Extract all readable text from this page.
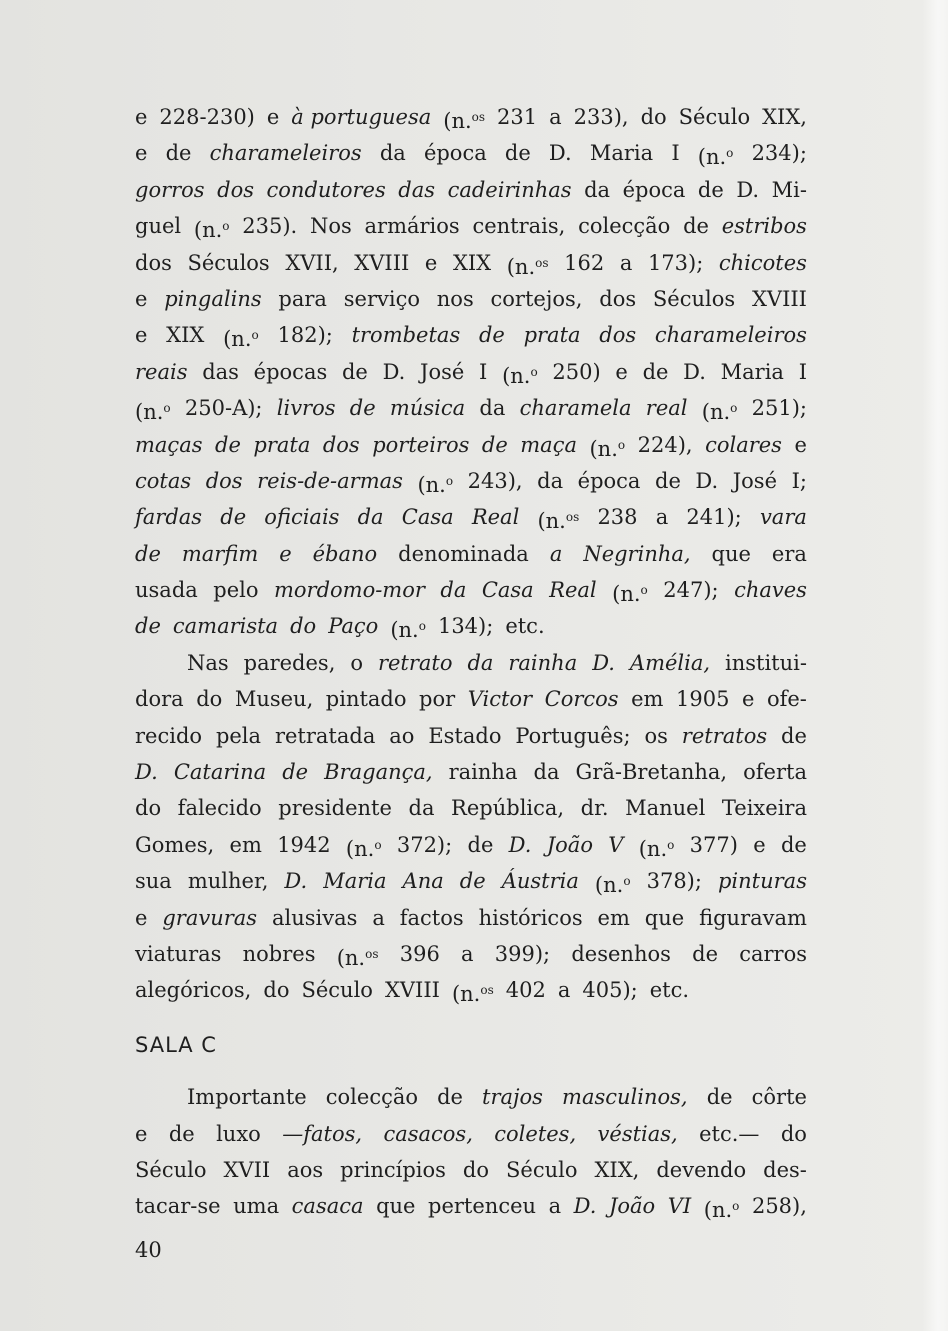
e 228-230) e à portuguesa (n.$^{os}$ 231 a 233), do Século XIX,
e de charameleiros da época de D. Maria I (n.$^o$ 234);
gorros dos condutores das cadeirinhas da época de D. Mi-
guel (n.$^o$ 235). Nos armários centrais, colecção de estribos
dos Séculos XVII, XVIII e XIX (n.$^{os}$ 162 a 173); chicotes
e pingalins para serviço nos cortejos, dos Séculos XVIII
e XIX (n.$^o$ 182); trombetas de prata dos charameleiros
reais das épocas de D. José I (n.$^o$ 250) e de D. Maria I
(n.$^o$ 250-A); livros de música da charamela real (n.$^o$ 251);
maças de prata dos porteiros de maça (n.$^o$ 224), colares e
cotas dos reis-de-armas (n.$^o$ 243), da época de D. José I;
fardas de oficiais da Casa Real (n.$^{os}$ 238 a 241); vara
de marfim e ébano denominada a Negrinha, que era
usada pelo mordomo-mor da Casa Real (n.$^o$ 247); chaves
de camarista do Paço (n.$^o$ 134); etc.
Nas paredes, o retrato da rainha D. Amélia, institui-
dora do Museu, pintado por Victor Corcos em 1905 e ofe-
recido pela retratada ao Estado Português; os retratos de
D. Catarina de Bragança, rainha da Grã-Bretanha, oferta
do falecido presidente da República, dr. Manuel Teixeira
Gomes, em 1942 (n.$^o$ 372); de D. João V (n.$^o$ 377) e de
sua mulher, D. Maria Ana de Áustria (n.$^o$ 378); pinturas
e gravuras alusivas a factos históricos em que figuravam
viaturas nobres (n.$^{os}$ 396 a 399); desenhos de carros
alegóricos, do Século XVIII (n.$^{os}$ 402 a 405); etc.
SALA C
Importante colecção de trajos masculinos, de côrte
e de luxo —fatos, casacos, coletes, véstias, etc.— do
Século XVII aos princípios do Século XIX, devendo des-
tacar-se uma casaca que pertenceu a D. João VI (n.$^o$ 258),
40
